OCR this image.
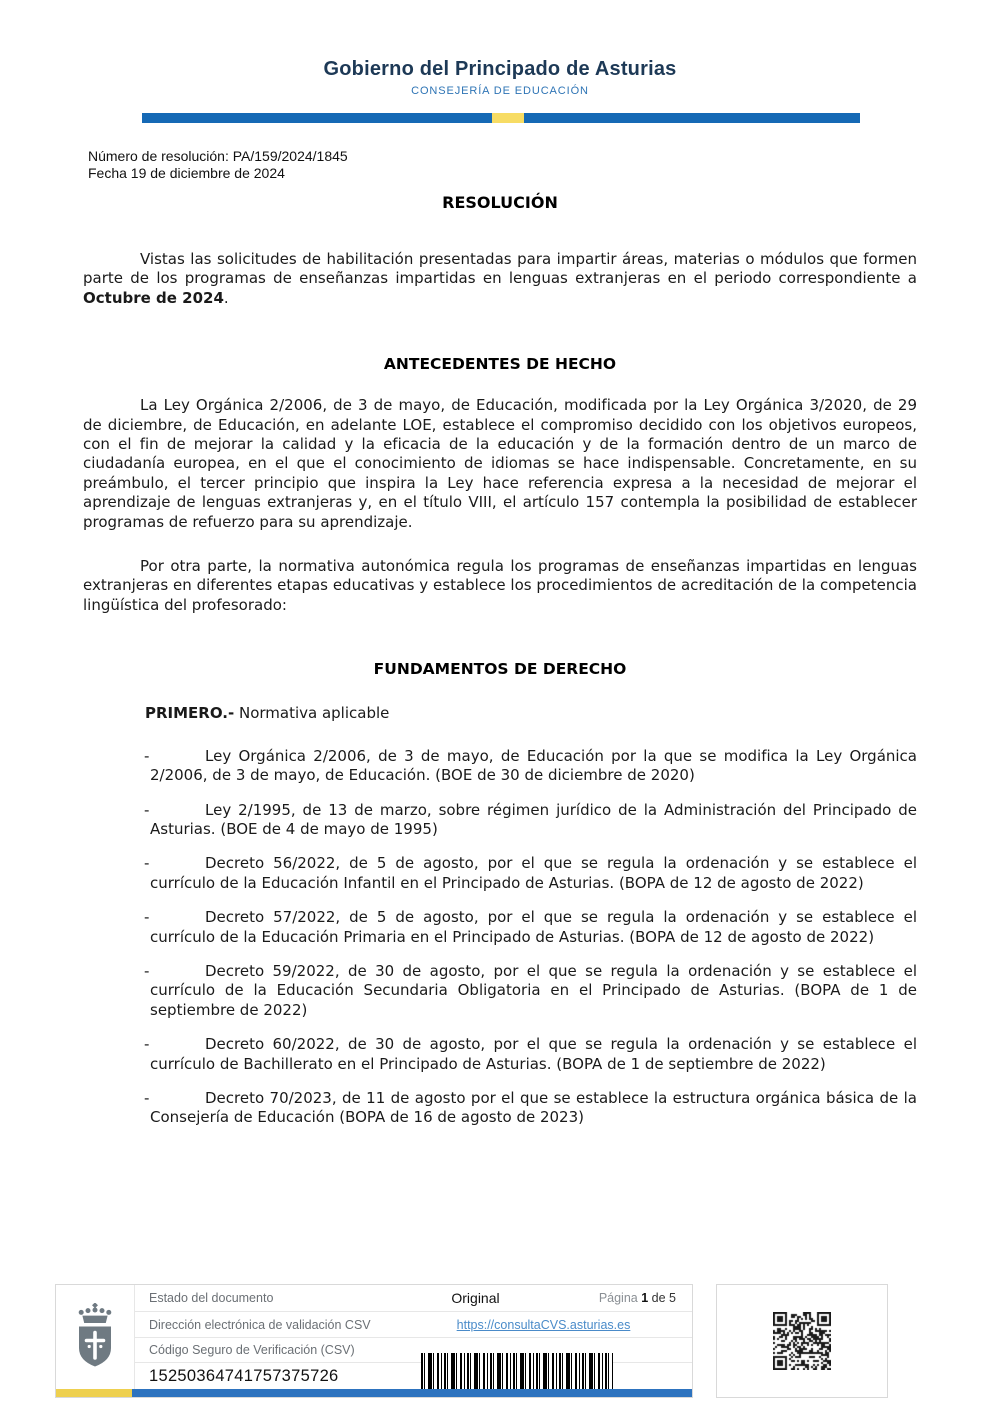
Gobierno del Principado de Asturias
CONSEJERÍA DE EDUCACIÓN
Número de resolución: PA/159/2024/1845
Fecha 19 de diciembre de 2024
RESOLUCIÓN

Vistas las solicitudes de habilitación presentadas para impartir áreas, materias o módulos que formen parte de los programas de enseñanzas impartidas en lenguas extranjeras en el periodo correspondiente a Octubre de 2024.

ANTECEDENTES DE HECHO

La Ley Orgánica 2/2006, de 3 de mayo, de Educación, modificada por la Ley Orgánica 3/2020, de 29 de diciembre, de Educación, en adelante LOE, establece el compromiso decidido con los objetivos europeos, con el fin de mejorar la calidad y la eficacia de la educación y de la formación dentro de un marco de ciudadanía europea, en el que el conocimiento de idiomas se hace indispensable. Concretamente, en su preámbulo, el tercer principio que inspira la Ley hace referencia expresa a la necesidad de mejorar el aprendizaje de lenguas extranjeras y, en el título VIII, el artículo 157 contempla la posibilidad de establecer programas de refuerzo para su aprendizaje.

Por otra parte, la normativa autonómica regula los programas de enseñanzas impartidas en lenguas extranjeras en diferentes etapas educativas y establece los procedimientos de acreditación de la competencia lingüística del profesorado:

FUNDAMENTOS DE DERECHO

PRIMERO.- Normativa aplicable

-	Ley Orgánica 2/2006, de 3 de mayo, de Educación por la que se modifica la Ley Orgánica 2/2006, de 3 de mayo, de Educación. (BOE de 30 de diciembre de 2020)
-	Ley 2/1995, de 13 de marzo, sobre régimen jurídico de la Administración del Principado de Asturias. (BOE de 4 de mayo de 1995)
-	Decreto 56/2022, de 5 de agosto, por el que se regula la ordenación y se establece el currículo de la Educación Infantil en el Principado de Asturias. (BOPA de 12 de agosto de 2022)
-	Decreto 57/2022, de 5 de agosto, por el que se regula la ordenación y se establece el currículo de la Educación Primaria en el Principado de Asturias. (BOPA de 12 de agosto de 2022)
-	Decreto 59/2022, de 30 de agosto, por el que se regula la ordenación y se establece el currículo de la Educación Secundaria Obligatoria en el Principado de Asturias. (BOPA de 1 de septiembre de 2022)
-	Decreto 60/2022, de 30 de agosto, por el que se regula la ordenación y se establece el currículo de Bachillerato en el Principado de Asturias. (BOPA de 1 de septiembre de 2022)
-	Decreto 70/2023, de 11 de agosto por el que se establece la estructura orgánica básica de la Consejería de Educación (BOPA de 16 de agosto de 2023)
Estado del documento	Original	Página 1 de 5
Dirección electrónica de validación CSV	https://consultaCVS.asturias.es
Código Seguro de Verificación (CSV)
15250364741757375726
